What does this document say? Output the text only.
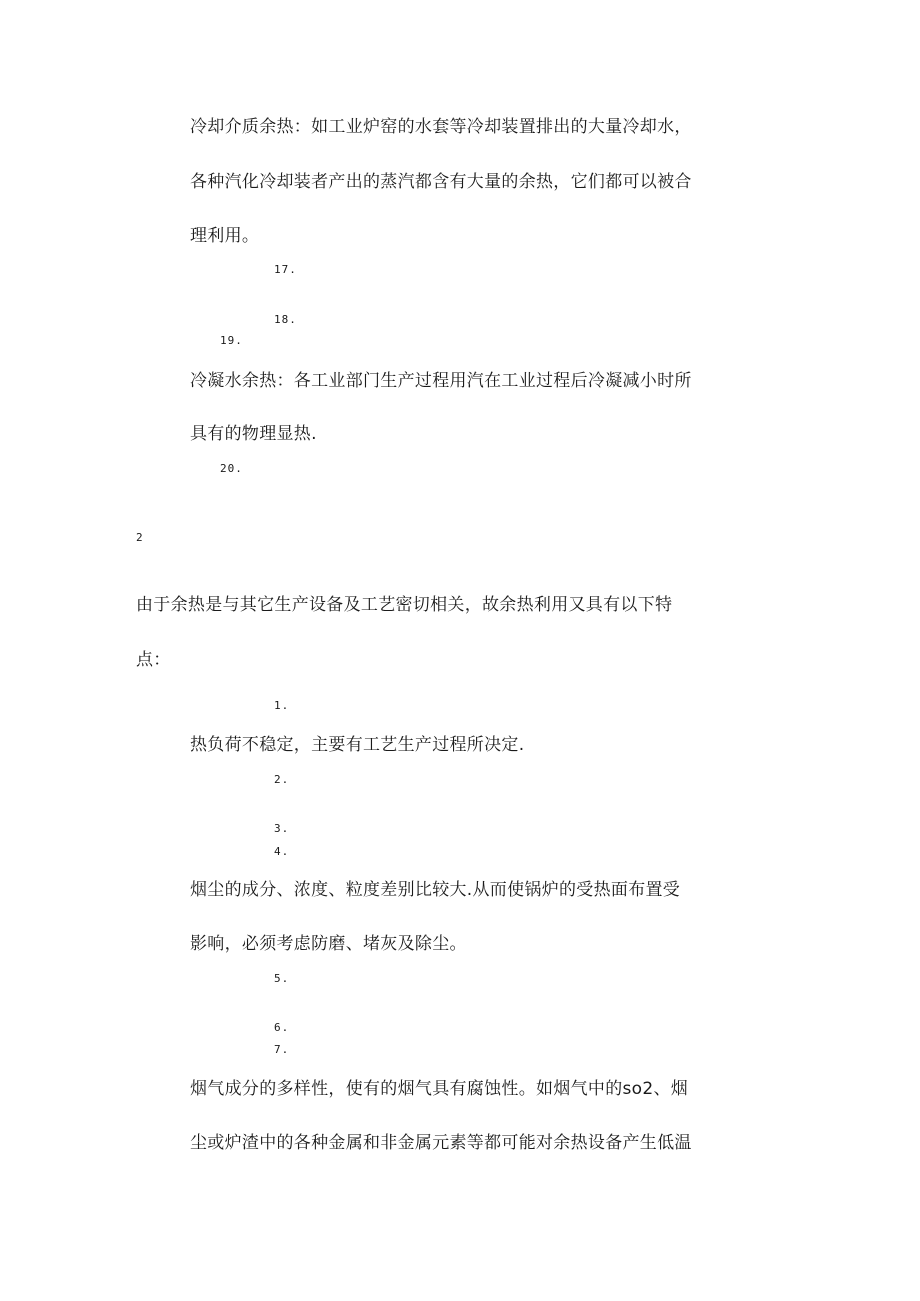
冷却介质余热：如工业炉窑的水套等冷却装置排出的大量冷却水，
各种汽化冷却装者产出的蒸汽都含有大量的余热，它们都可以被合
理利用。
17.
18.
19.
冷凝水余热：各工业部门生产过程用汽在工业过程后冷凝减小时所
具有的物理显热.
20.
2
由于余热是与其它生产设备及工艺密切相关，故余热利用又具有以下特
点：
1.
热负荷不稳定，主要有工艺生产过程所决定.
2.
3.
4.
烟尘的成分、浓度、粒度差别比较大.从而使锅炉的受热面布置受
影响，必须考虑防磨、堵灰及除尘。
5.
6.
7.
烟气成分的多样性，使有的烟气具有腐蚀性。如烟气中的so2、烟
尘或炉渣中的各种金属和非金属元素等都可能对余热设备产生低温
